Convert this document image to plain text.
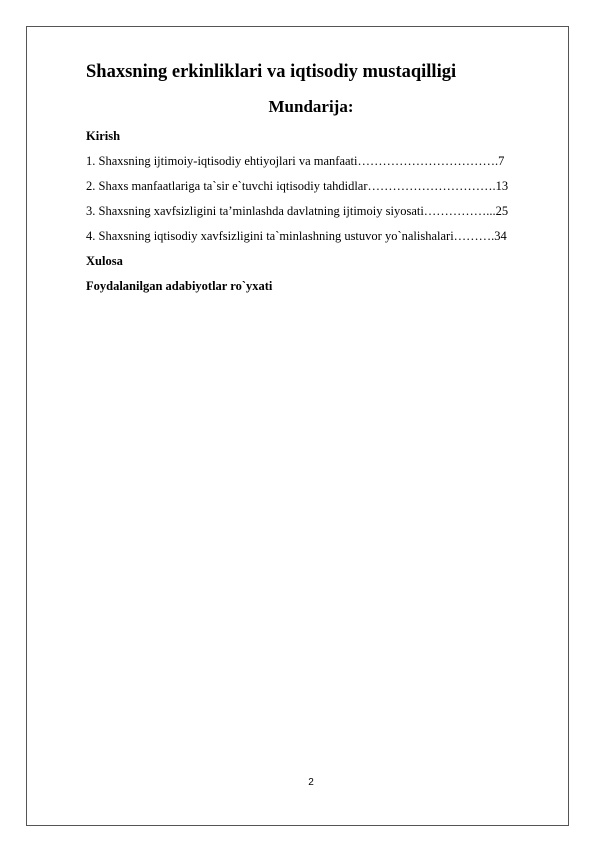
Shaxsning erkinliklari va iqtisodiy mustaqilligi
Mundarija:
Kirish
1. Shaxsning ijtimoiy-iqtisodiy ehtiyojlari va manfaati…………………………….7
2. Shaxs manfaatlariga ta`sir e`tuvchi iqtisodiy tahdidlar………………………….13
3. Shaxsning xavfsizligini ta’minlashda davlatning ijtimoiy siyosati……………...25
4. Shaxsning iqtisodiy xavfsizligini ta`minlashning ustuvor yo`nalishalari……….34
Xulosa
Foydalanilgan adabiyotlar ro`yxati
2
